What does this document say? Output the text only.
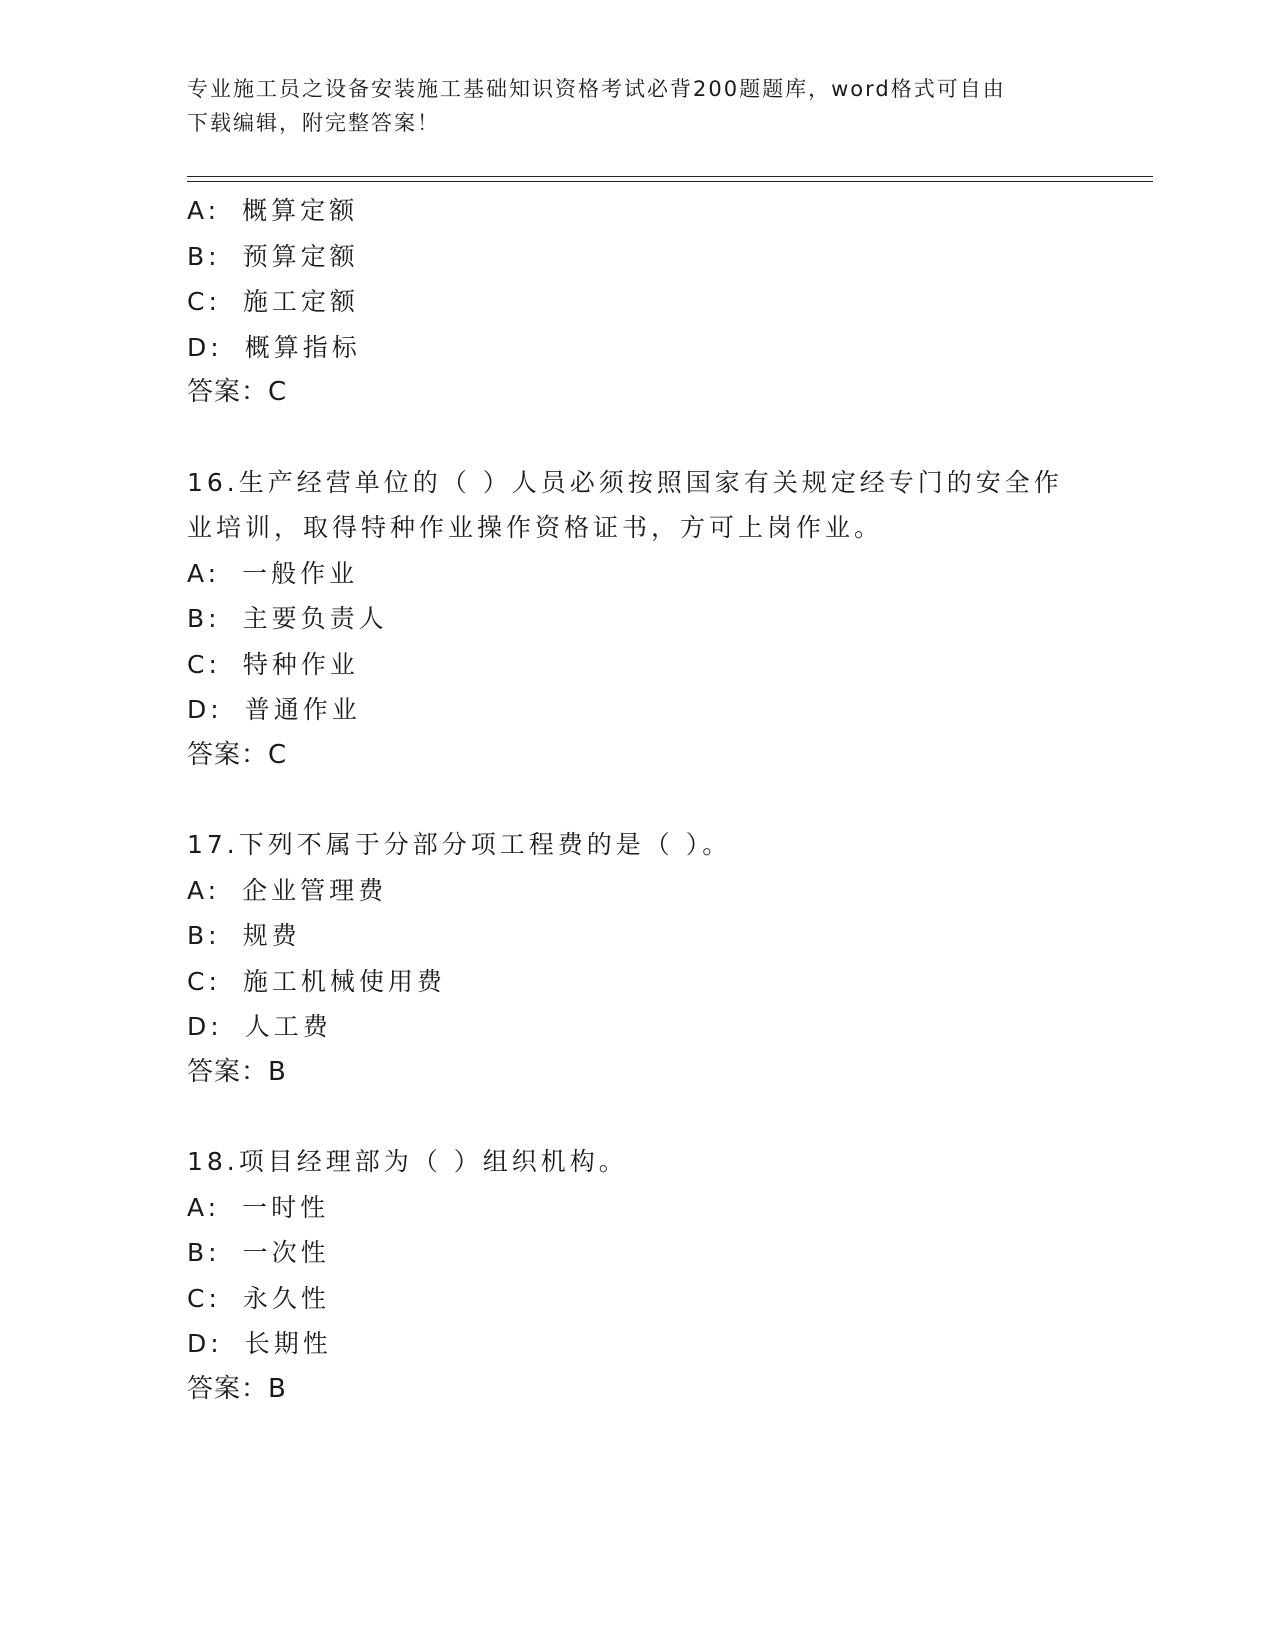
专业施工员之设备安装施工基础知识资格考试必背200题题库，word格式可自由
下载编辑，附完整答案！
A: 概算定额
B: 预算定额
C: 施工定额
D: 概算指标
答案：C
16.生产经营单位的（ ）人员必须按照国家有关规定经专门的安全作
业培训，取得特种作业操作资格证书，方可上岗作业。
A: 一般作业
B: 主要负责人
C: 特种作业
D: 普通作业
答案：C
17.下列不属于分部分项工程费的是（ ）。
A: 企业管理费
B: 规费
C: 施工机械使用费
D: 人工费
答案：B
18.项目经理部为（ ）组织机构。
A: 一时性
B: 一次性
C: 永久性
D: 长期性
答案：B
